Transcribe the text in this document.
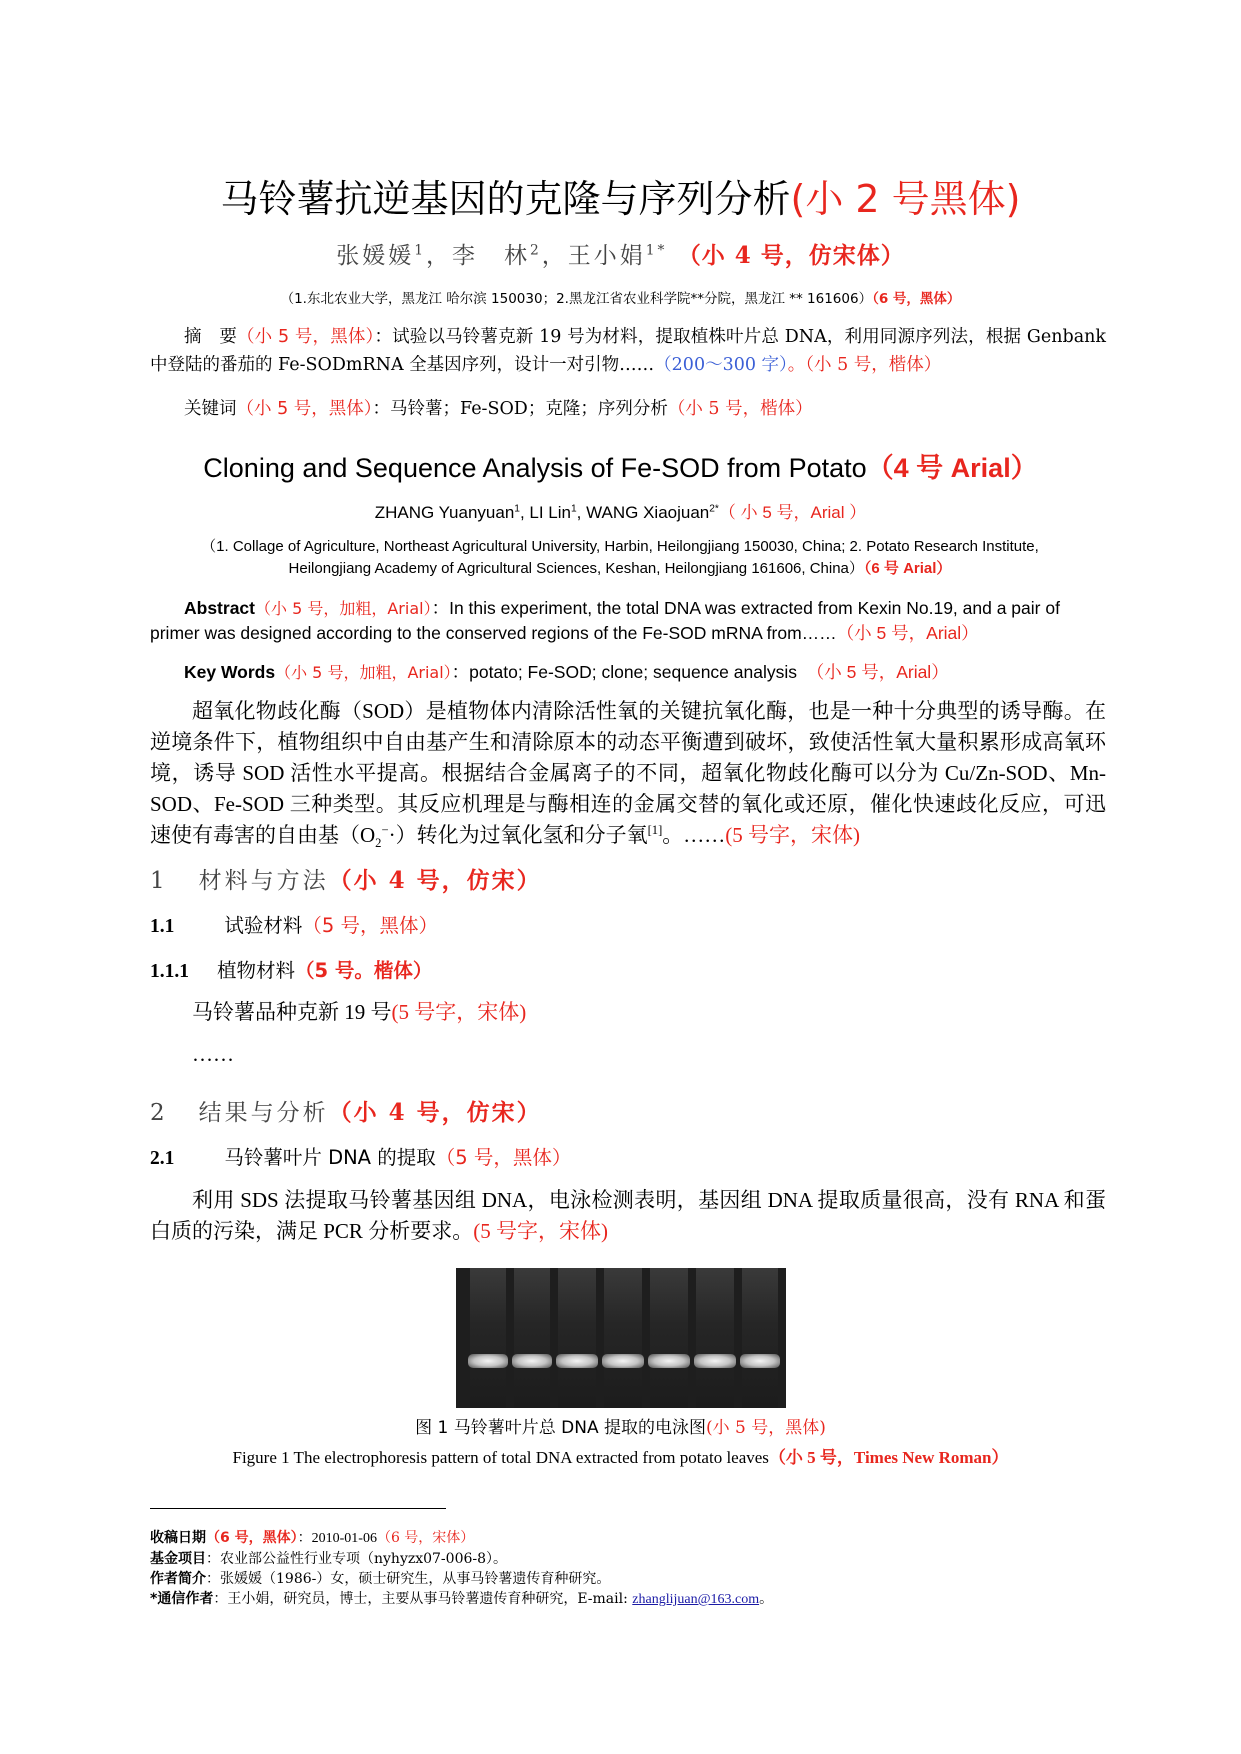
马铃薯抗逆基因的克隆与序列分析(小 2 号黑体)
张媛媛$^1$，李　林$^2$，王小娟$^{1*}$ （小 4 号，仿宋体）
（1.东北农业大学，黑龙江 哈尔滨 150030；2.黑龙江省农业科学院**分院，黑龙江 ** 161606）（6 号，黑体）
摘　要（小 5 号，黑体）：试验以马铃薯克新 19 号为材料，提取植株叶片总 DNA，利用同源序列法，根据 Genbank 中登陆的番茄的 Fe-SODmRNA 全基因序列，设计一对引物……（200～300 字）。（小 5 号，楷体）
关键词（小 5 号，黑体）：马铃薯；Fe-SOD；克隆；序列分析（小 5 号，楷体）
Cloning and Sequence Analysis of Fe-SOD from Potato（4 号 Arial）
ZHANG Yuanyuan$^1$, LI Lin$^1$, WANG Xiaojuan$^{2*}$（ 小 5 号，Arial ）
（1. Collage of Agriculture, Northeast Agricultural University, Harbin, Heilongjiang 150030, China; 2. Potato Research Institute, Heilongjiang Academy of Agricultural Sciences, Keshan, Heilongjiang 161606, China）（6 号 Arial）
Abstract（小 5 号，加粗，Arial）：In this experiment, the total DNA was extracted from Kexin No.19, and a pair of primer was designed according to the conserved regions of the Fe-SOD mRNA from……（小 5 号，Arial）
Key Words（小 5 号，加粗，Arial）：potato; Fe-SOD; clone; sequence analysis （小 5 号，Arial）
超氧化物歧化酶（SOD）是植物体内清除活性氧的关键抗氧化酶，也是一种十分典型的诱导酶。在逆境条件下，植物组织中自由基产生和清除原本的动态平衡遭到破坏，致使活性氧大量积累形成高氧环境，诱导 SOD 活性水平提高。根据结合金属离子的不同，超氧化物歧化酶可以分为 Cu/Zn-SOD、Mn-SOD、Fe-SOD 三种类型。其反应机理是与酶相连的金属交替的氧化或还原，催化快速歧化反应，可迅速使有毒害的自由基$(O_2^-\cdot)$转化为过氧化氢和分子氧[1]。……(5 号字，宋体)
1 材料与方法（小 4 号，仿宋）
1.1	试验材料（5 号，黑体）
1.1.1 植物材料（5 号。楷体）
马铃薯品种克新 19 号(5 号字，宋体)
……
2 结果与分析（小 4 号，仿宋）
2.1	马铃薯叶片 DNA 的提取（5 号，黑体）
利用 SDS 法提取马铃薯基因组 DNA，电泳检测表明，基因组 DNA 提取质量很高，没有 RNA 和蛋白质的污染，满足 PCR 分析要求。(5 号字，宋体)
图 1 马铃薯叶片总 DNA 提取的电泳图(小 5 号，黑体)
Figure 1 The electrophoresis pattern of total DNA extracted from potato leaves（小 5 号，Times New Roman）
收稿日期（6 号，黑体）：2010-01-06（6 号，宋体）
基金项目：农业部公益性行业专项（nyhyzx07-006-8）。
作者简介：张媛媛（1986-）女，硕士研究生，从事马铃薯遗传育种研究。
*通信作者：王小娟，研究员，博士，主要从事马铃薯遗传育种研究，E-mail: zhanglijuan@163.com。
